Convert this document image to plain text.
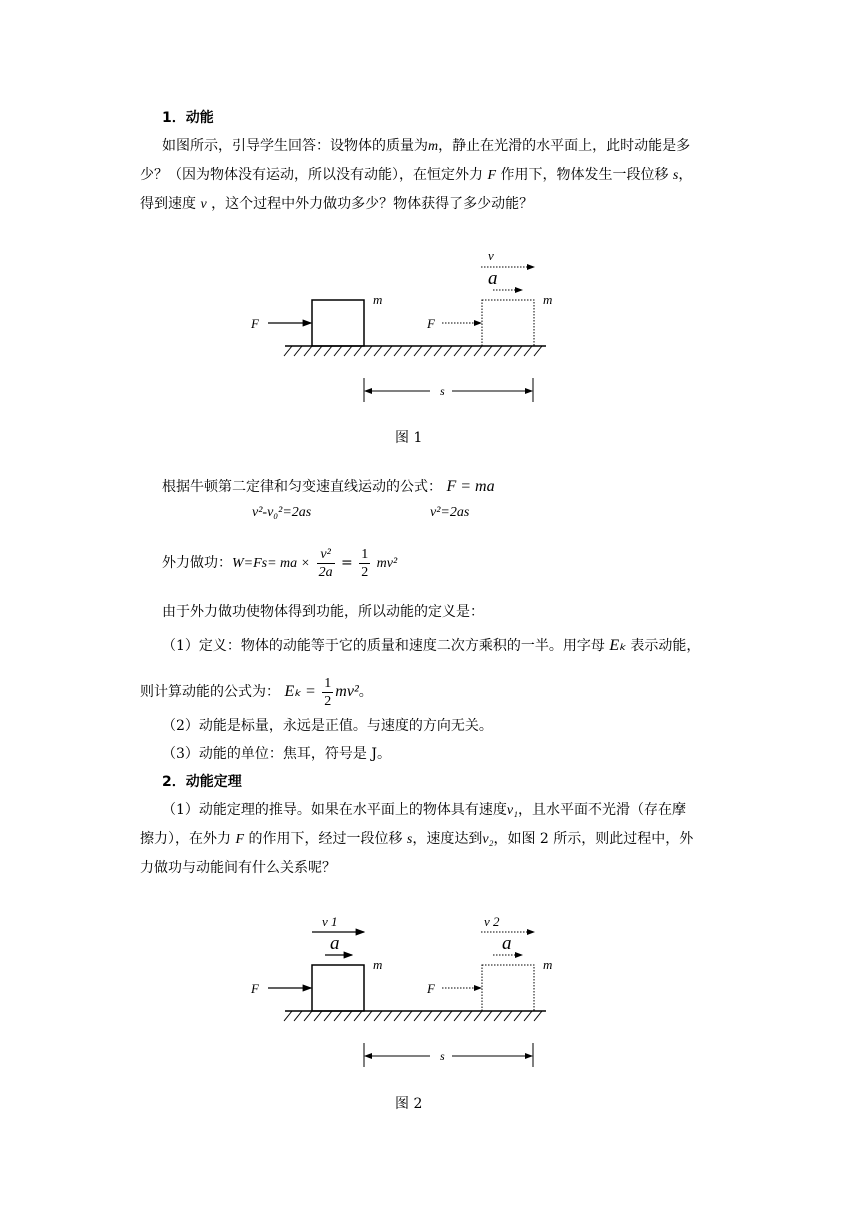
1．动能
如图所示，引导学生回答：设物体的质量为m，静止在光滑的水平面上，此时动能是多
少？（因为物体没有运动，所以没有动能），在恒定外力 F 作用下，物体发生一段位移 s，
得到速度 v ，这个过程中外力做功多少？物体获得了多少动能？
F
m
F
m
v
a
s
图 1
根据牛顿第二定律和匀变速直线运动的公式： F = ma
v²-v₀²=2as	v²=2as
外力做功：W=Fs= ma × $\frac{\text{v²}}{2a} = \frac{1}{2} mv^2$
由于外力做功使物体得到功能，所以动能的定义是：
（1）定义：物体的动能等于它的质量和速度二次方乘积的一半。用字母 Eₖ 表示动能，
则计算动能的公式为： $E_k = \frac{1}{2} mv^2$。
（2）动能是标量，永远是正值。与速度的方向无关。
（3）动能的单位：焦耳，符号是 J。
2．动能定理
（1）动能定理的推导。如果在水平面上的物体具有速度v₁，且水平面不光滑（存在摩
擦力），在外力 F 的作用下，经过一段位移 s，速度达到v₂，如图 2 所示，则此过程中，外
力做功与动能间有什么关系呢？
F
m
v 1
a
F
m
v 2
a
s
图 2
